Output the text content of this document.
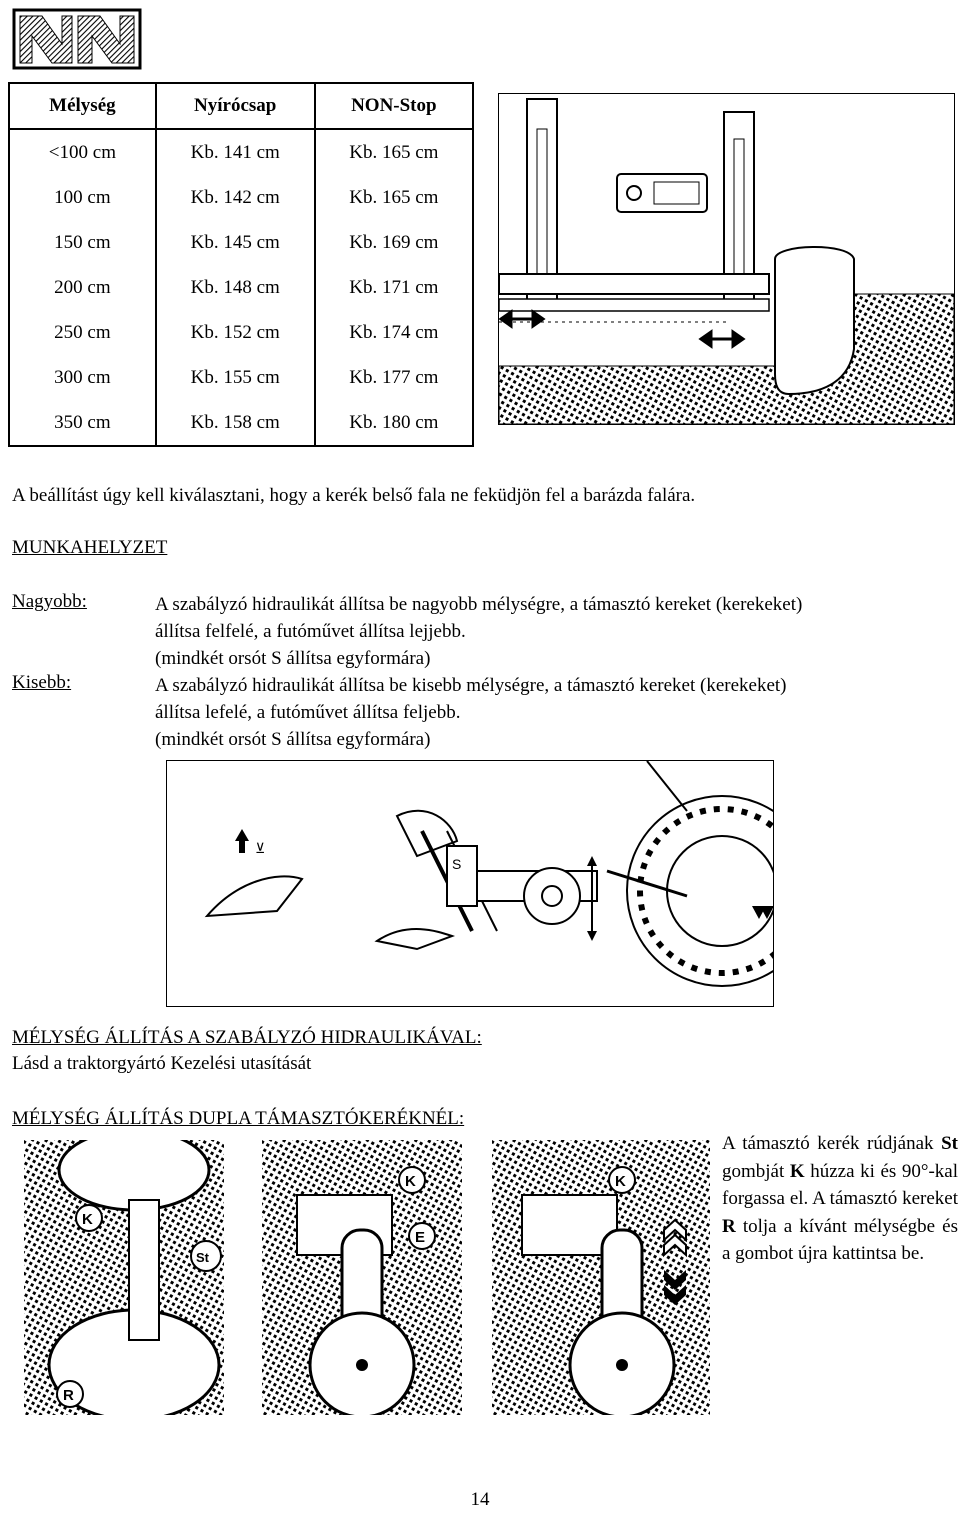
Mélység	Nyírócsap	NON-Stop
<100 cm	Kb. 141 cm	Kb. 165 cm
100 cm	Kb. 142 cm	Kb. 165 cm
150 cm	Kb. 145 cm	Kb. 169 cm
200 cm	Kb. 148 cm	Kb. 171 cm
250 cm	Kb. 152 cm	Kb. 174 cm
300 cm	Kb. 155 cm	Kb. 177 cm
350 cm	Kb. 158 cm	Kb. 180 cm
A beállítást úgy kell kiválasztani, hogy a kerék belső fala ne feküdjön fel a barázda falára.
MUNKAHELYZET
Nagyobb:	A szabályzó hidraulikát állítsa be nagyobb mélységre, a támasztó kereket (kerekeket)
állítsa felfelé, a futóművet állítsa lejjebb.
(mindkét orsót S állítsa egyformára)
Kisebb:	A szabályzó hidraulikát állítsa be kisebb mélységre, a támasztó kereket (kerekeket)
állítsa lefelé, a futóművet állítsa feljebb.
(mindkét orsót S állítsa egyformára)
⊻
S
MÉLYSÉG ÁLLÍTÁS A SZABÁLYZÓ HIDRAULIKÁVAL:
Lásd a traktorgyártó Kezelési utasítását
MÉLYSÉG ÁLLÍTÁS DUPLA TÁMASZTÓKERÉKNÉL:
K
St
R
K
E
K
A támasztó kerék rúdjának St gombját K húzza ki és 90°-kal forgassa el. A támasztó kereket R tolja a kívánt mélységbe és a gombot újra kattintsa be.
14
